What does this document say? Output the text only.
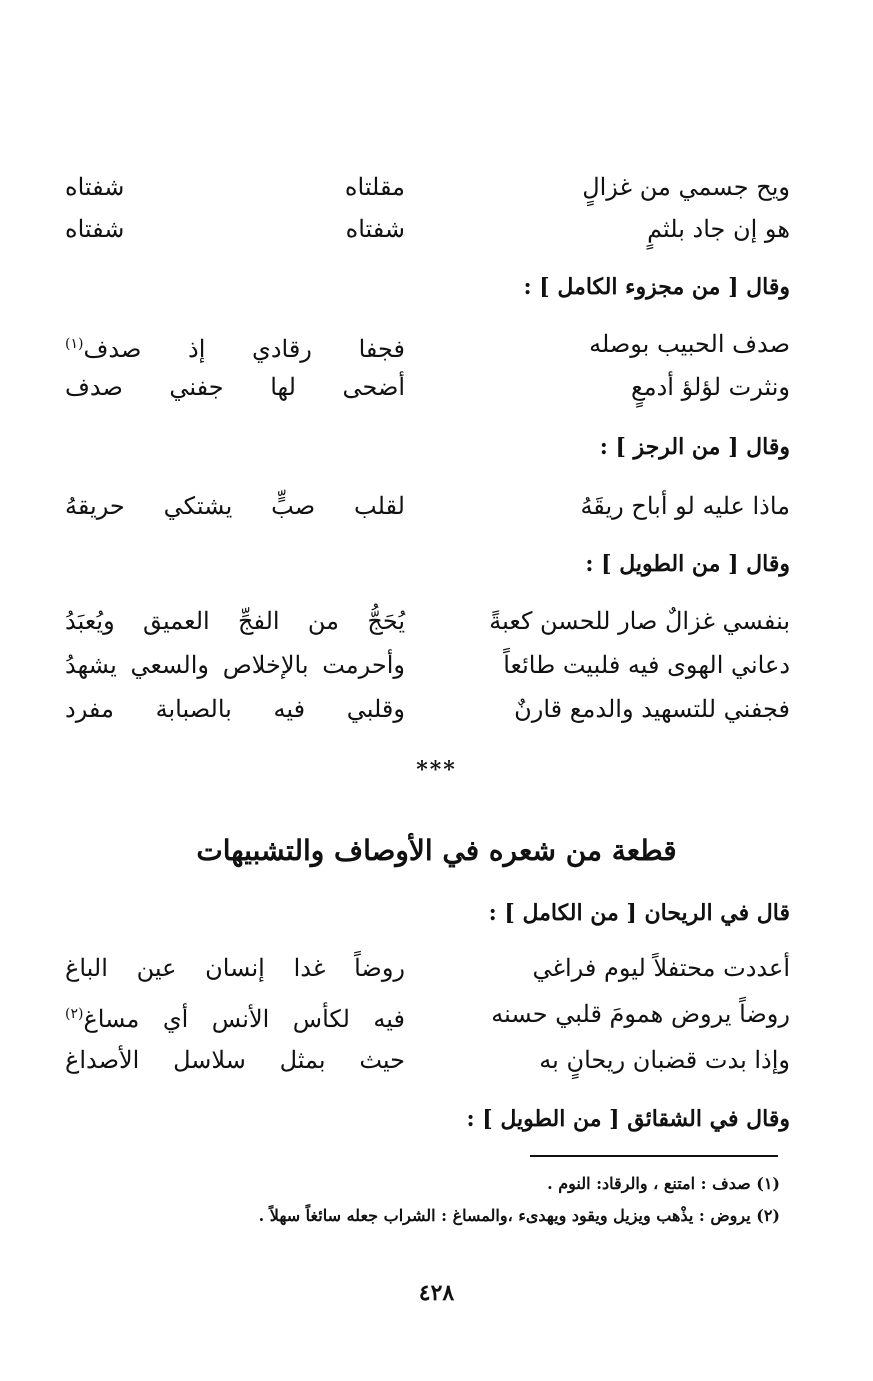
ويح جسمي من غزالٍ
مقلتاه شفتاه
هو إن جاد بلثمٍ
شفتاه شفتاه
وقال [ من مجزوء الكامل ] :
صدف الحبيب بوصله
فجفا رقادي إذ صدف$^{(١)}$
ونثرت لؤلؤ أدمعٍ
أضحى لها جفني صدف
وقال [ من الرجز ] :
ماذا عليه لو أباح ريقَهُ
لقلب صبٍّ يشتكي حريقهُ
وقال [ من الطويل ] :
بنفسي غزالٌ صار للحسن كعبةً
يُحَجُّ من الفجِّ العميق ويُعبَدُ
دعاني الهوى فيه فلبيت طائعاً
وأحرمت بالإخلاص والسعي يشهدُ
فجفني للتسهيد والدمع قارنٌ
وقلبي فيه بالصبابة مفرد
***
قطعة من شعره في الأوصاف والتشبيهات
قال في الريحان [ من الكامل ] :
أعددت محتفلاً ليوم فراغي
روضاً غدا إنسان عين الباغ
روضاً يروض همومَ قلبي حسنه
فيه لكأس الأنس أي مساغ$^{(٢)}$
وإذا بدت قضبان ريحانٍ به
حيث بمثل سلاسل الأصداغ
وقال في الشقائق [ من الطويل ] :
(١) صدف : امتنع ، والرقاد: النوم .
(٢) يروض : يذْهب ويزيل ويقود ويهدىء ،والمساغ : الشراب جعله سائغاً سهلاً .
٤٢٨
